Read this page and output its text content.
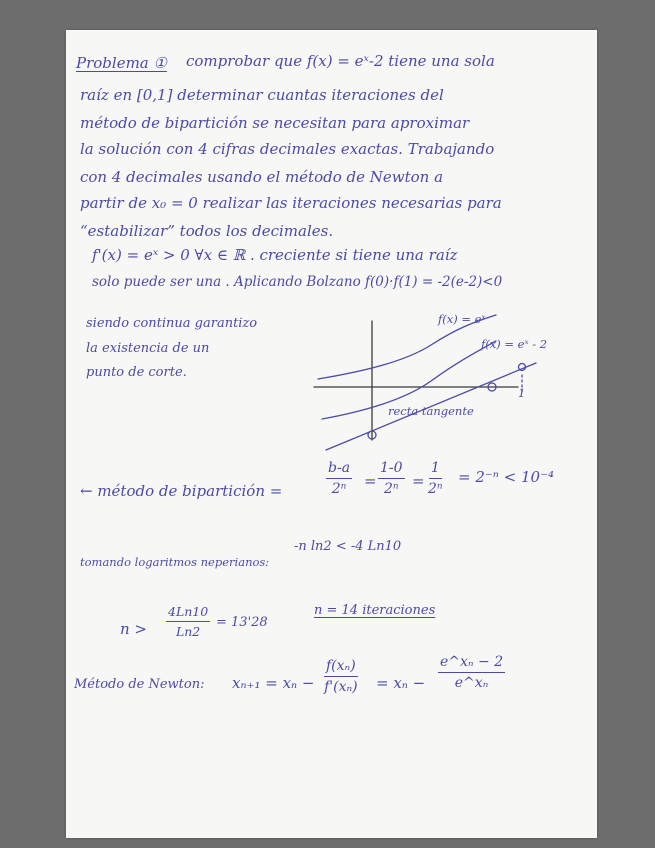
Problema ① comprobar que f(x) = eˣ-2 tiene una sola
raíz en [0,1] determinar cuantas iteraciones del
método de bipartición se necesitan para aproximar
la solución con 4 cifras decimales exactas. Trabajando
con 4 decimales usando el método de Newton a
partir de x₀ = 0 realizar las iteraciones necesarias para
“estabilizar” todos los decimales.
f'(x) = eˣ > 0 ∀x ∈ ℝ . creciente si tiene una raíz
solo puede ser una . Aplicando Bolzano f(0)·f(1) = -2(e-2)<0
siendo continua garantizo
la existencia de un
punto de corte.
f(x) = eˣ
f(x) = eˣ - 2
recta tangente
1
← método de bipartición =	$\frac{b-a}{\text{2ⁿ}} = \frac{1-0}{\text{2ⁿ}} = \frac{1}{\text{2ⁿ}} = 2^{-n} < 10^{-4}$
tomando logaritmos neperianos:
-n ln2 < -4 Ln10
$n > \frac{4Ln10}{Ln2} = 13'28$
n = 14 iteraciones
Método de Newton: $x_{n+1} = x_n - \frac{\text{f(xₙ)}}{\text{f'(xₙ)}} = x_n - \frac{\text{e\textasciicircum{}xₙ − 2}}{\text{e\textasciicircum{}xₙ}}$
